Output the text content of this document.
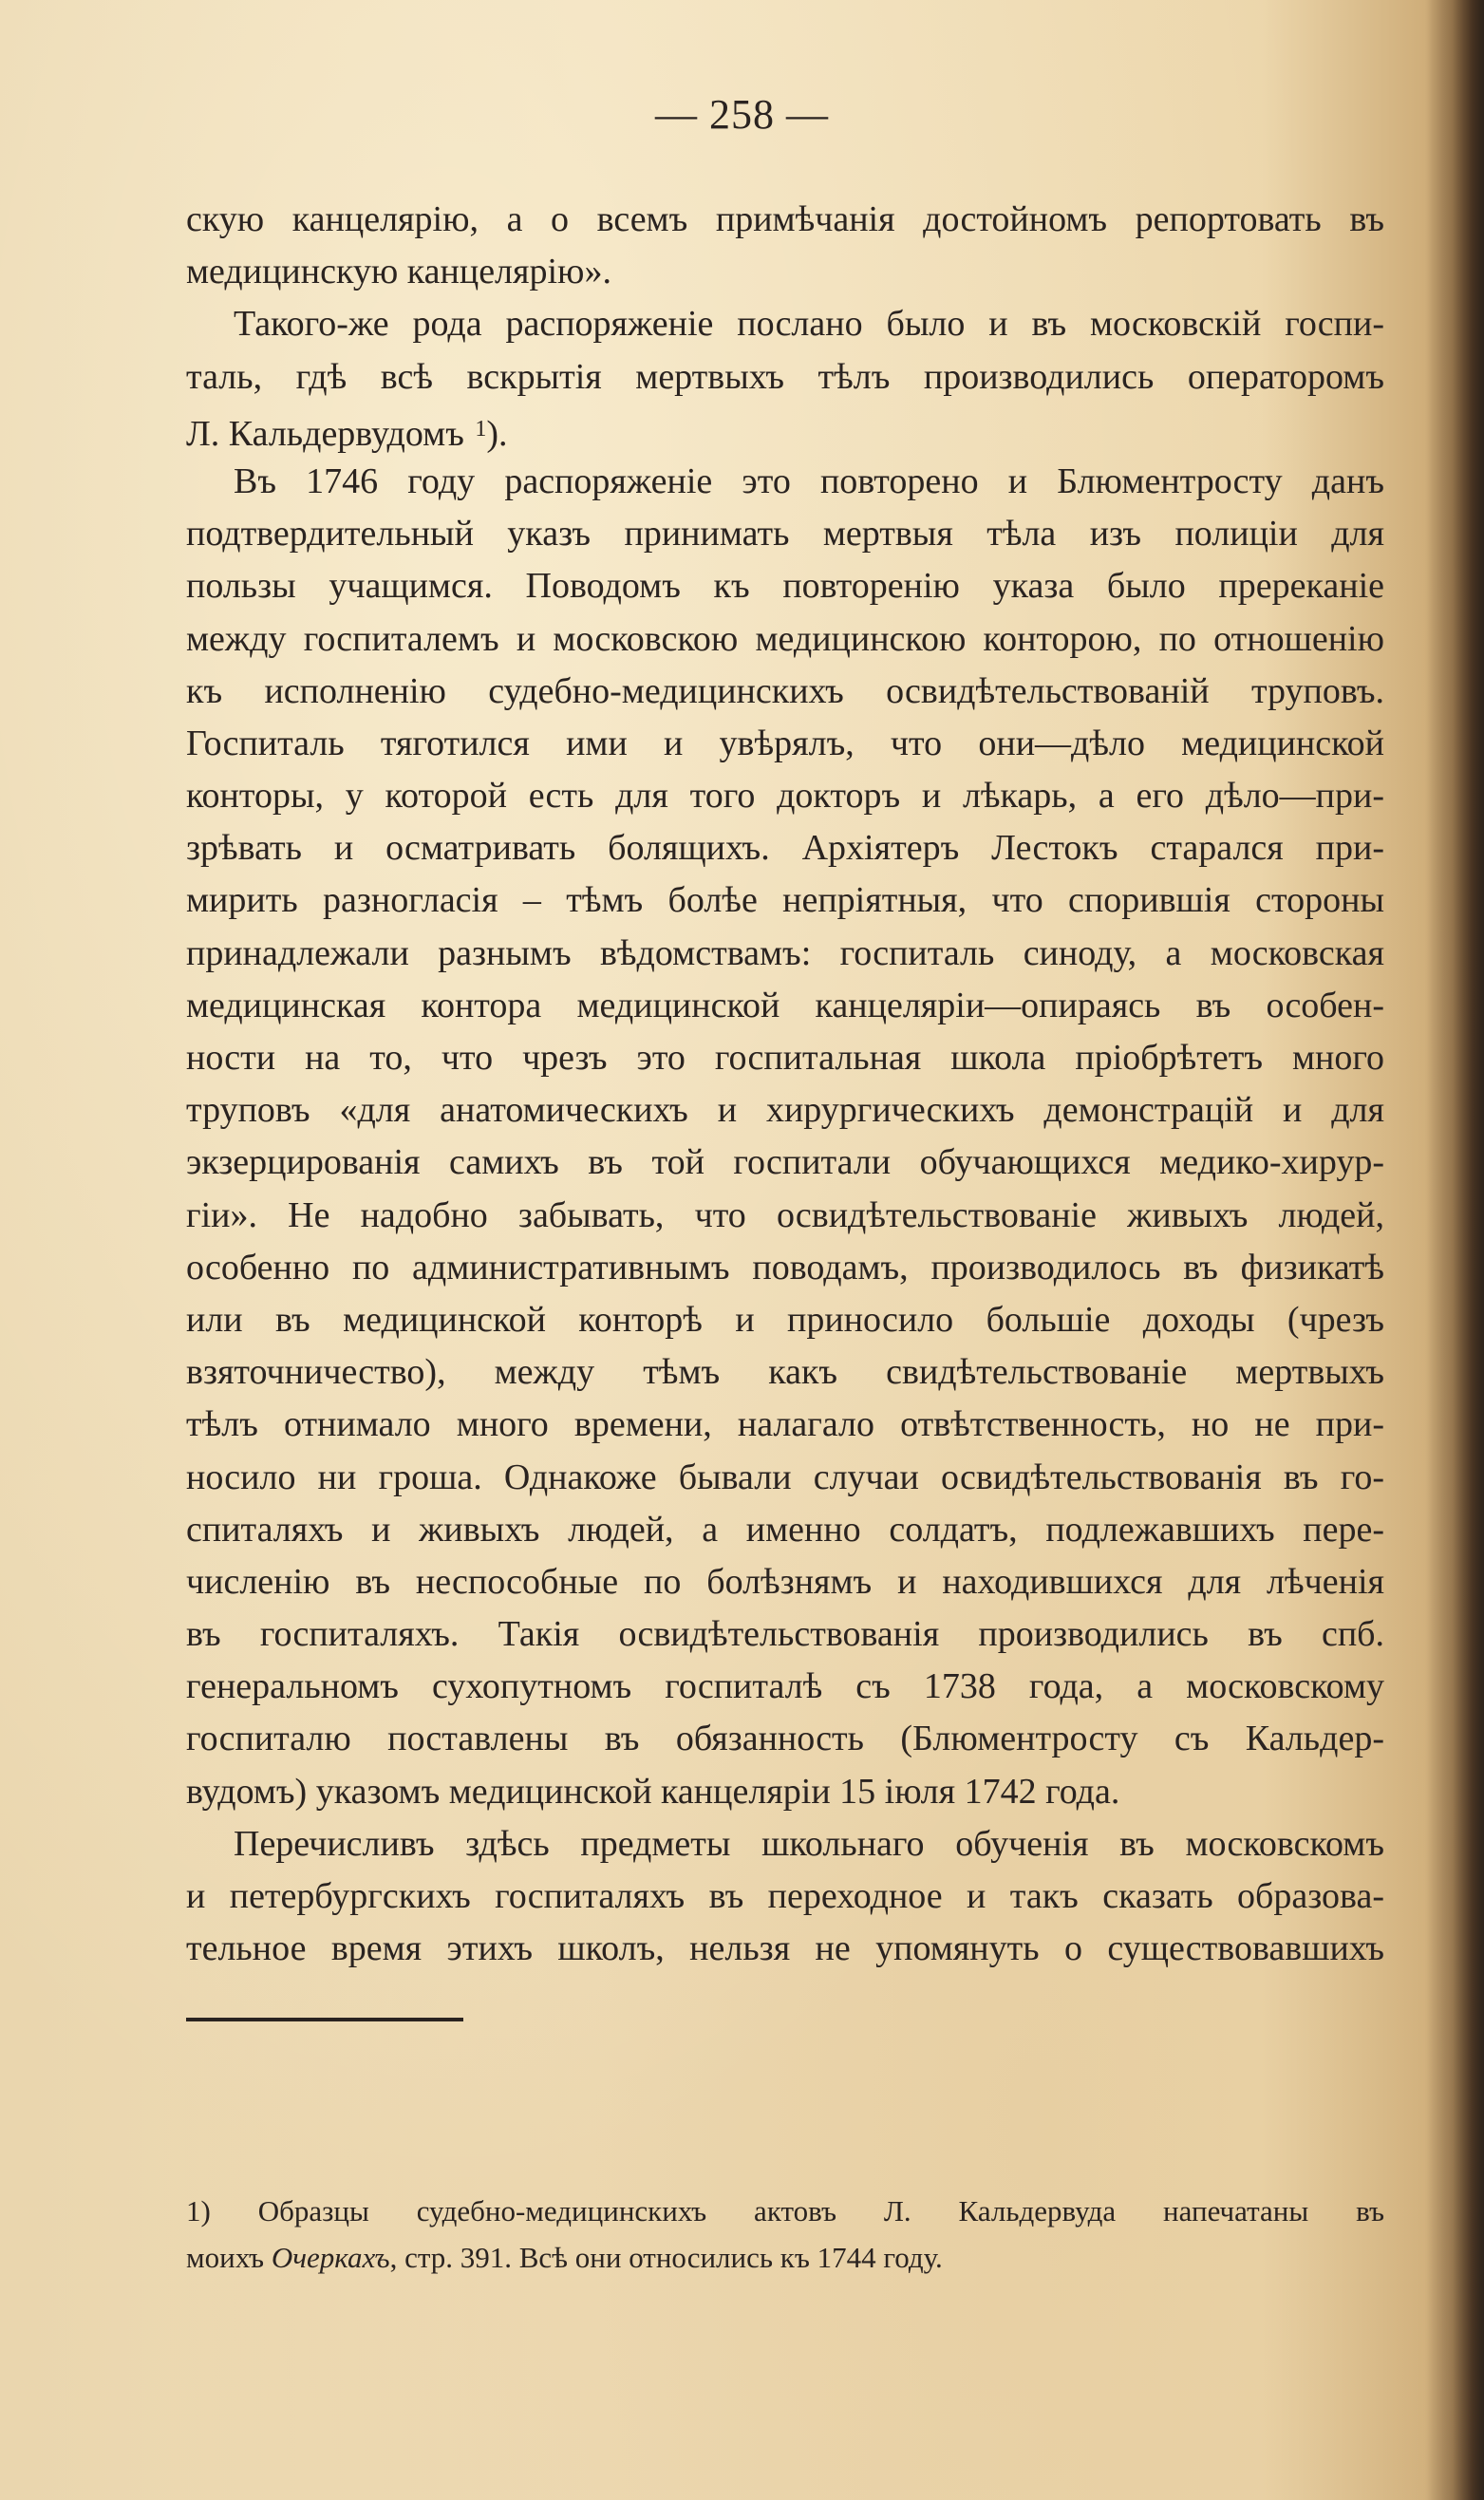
— 258 —
скую канцелярію, а о всемъ примѣчанія достойномъ репортовать въ
медицинскую канцелярію».
Такого-же рода распоряженіе послано было и въ московскій госпи-
таль, гдѣ всѣ вскрытія мертвыхъ тѣлъ производились операторомъ
Л. Кальдервудомъ $^1$).
Въ 1746 году распоряженіе это повторено и Блюментросту данъ
подтвердительный указъ принимать мертвыя тѣла изъ полиціи для
пользы учащимся. Поводомъ къ повторенію указа было пререканіе
между госпиталемъ и московскою медицинскою конторою, по отношенію
къ исполненію судебно-медицинскихъ освидѣтельствованій труповъ.
Госпиталь тяготился ими и увѣрялъ, что они—дѣло медицинской
конторы, у которой есть для того докторъ и лѣкарь, а его дѣло—при-
зрѣвать и осматривать болящихъ. Архіятеръ Лестокъ старался при-
мирить разногласія – тѣмъ болѣе непріятныя, что спорившія стороны
принадлежали разнымъ вѣдомствамъ: госпиталь синоду, а московская
медицинская контора медицинской канцеляріи—опираясь въ особен-
ности на то, что чрезъ это госпитальная школа пріобрѣтетъ много
труповъ «для анатомическихъ и хирургическихъ демонстрацій и для
экзерцированія самихъ въ той госпитали обучающихся медико-хирур-
гіи». Не надобно забывать, что освидѣтельствованіе живыхъ людей,
особенно по административнымъ поводамъ, производилось въ физикатѣ
или въ медицинской конторѣ и приносило большіе доходы (чрезъ
взяточничество), между тѣмъ какъ свидѣтельствованіе мертвыхъ
тѣлъ отнимало много времени, налагало отвѣтственность, но не при-
носило ни гроша. Однакоже бывали случаи освидѣтельствованія въ го-
спиталяхъ и живыхъ людей, а именно солдатъ, подлежавшихъ пере-
численію въ неспособные по болѣзнямъ и находившихся для лѣченія
въ госпиталяхъ. Такія освидѣтельствованія производились въ спб.
генеральномъ сухопутномъ госпиталѣ съ 1738 года, а московскому
госпиталю поставлены въ обязанность (Блюментросту съ Кальдер-
вудомъ) указомъ медицинской канцеляріи 15 іюля 1742 года.
Перечисливъ здѣсь предметы школьнаго обученія въ московскомъ
и петербургскихъ госпиталяхъ въ переходное и такъ сказать образова-
тельное время этихъ школъ, нельзя не упомянуть о существовавшихъ
1) Образцы судебно-медицинскихъ актовъ Л. Кальдервуда напечатаны въ
моихъ Очеркахъ, стр. 391. Всѣ они относились къ 1744 году.
